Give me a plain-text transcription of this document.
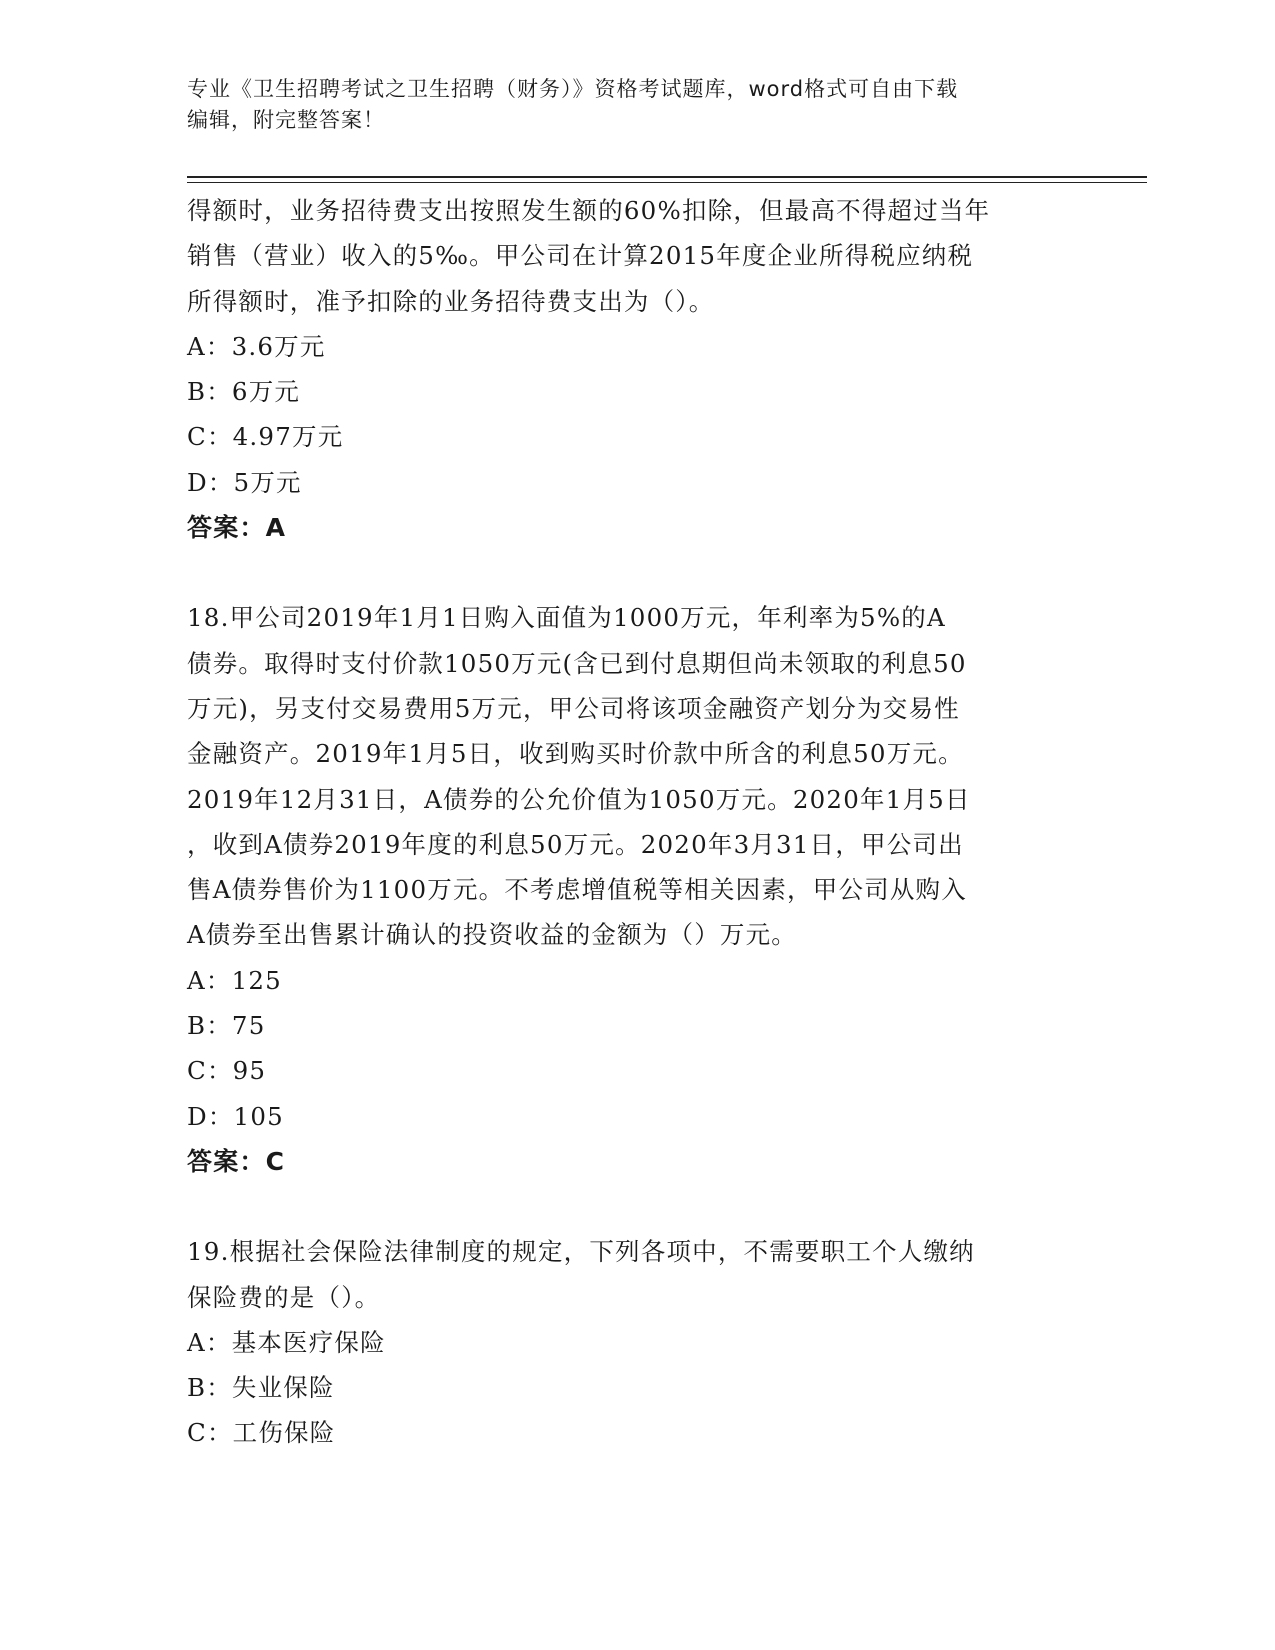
专业《卫生招聘考试之卫生招聘（财务）》资格考试题库，word格式可自由下载
编辑，附完整答案！
得额时，业务招待费支出按照发生额的60%扣除，但最高不得超过当年
销售（营业）收入的5‰。甲公司在计算2015年度企业所得税应纳税
所得额时，准予扣除的业务招待费支出为（）。
A：3.6万元
B：6万元
C：4.97万元
D：5万元
答案：A
18.甲公司2019年1月1日购入面值为1000万元，年利率为5%的A
债券。取得时支付价款1050万元(含已到付息期但尚未领取的利息50
万元)，另支付交易费用5万元，甲公司将该项金融资产划分为交易性
金融资产。2019年1月5日，收到购买时价款中所含的利息50万元。
2019年12月31日，A债券的公允价值为1050万元。2020年1月5日
，收到A债券2019年度的利息50万元。2020年3月31日，甲公司出
售A债券售价为1100万元。不考虑增值税等相关因素，甲公司从购入
A债券至出售累计确认的投资收益的金额为（）万元。
A：125
B：75
C：95
D：105
答案：C
19.根据社会保险法律制度的规定，下列各项中，不需要职工个人缴纳
保险费的是（）。
A：基本医疗保险
B：失业保险
C：工伤保险
